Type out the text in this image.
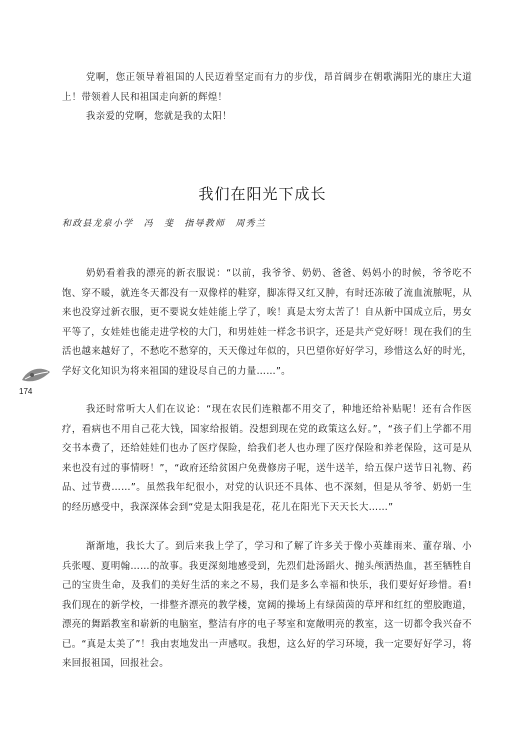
党啊，您正领导着祖国的人民迈着坚定而有力的步伐，昂首阔步在朝歌满阳光的康庄大道上！带领着人民和祖国走向新的辉煌！

我亲爱的党啊，您就是我的太阳！

我们在阳光下成长
和政县龙泉小学　冯　斐　指导教师　周秀兰

奶奶看着我的漂亮的新衣服说：“以前，我爷爷、奶奶、爸爸、妈妈小的时候，爷爷吃不饱、穿不暖，就连冬天都没有一双像样的鞋穿，脚冻得又红又肿，有时还冻破了流血流脓呢，从来也没穿过新衣服，更不要说女娃娃能上学了，唉！真是太穷太苦了！自从新中国成立后，男女平等了，女娃娃也能走进学校的大门，和男娃娃一样念书识字，还是共产党好呀！现在我们的生活也越来越好了，不愁吃不愁穿的，天天像过年似的，只巴望你好好学习，珍惜这么好的时光，学好文化知识为将来祖国的建设尽自己的力量……”。

我还时常听大人们在议论：“现在农民们连粮都不用交了，种地还给补贴呢！还有合作医疗，看病也不用自己花大钱，国家给报销。没想到现在党的政策这么好。”，“孩子们上学都不用交书本费了，还给娃娃们也办了医疗保险，给我们老人也办理了医疗保险和养老保险，这可是从来也没有过的事情呀！”，“政府还给贫困户免费修房子呢，送牛送羊，给五保户送节日礼物、药品、过节费……”。虽然我年纪很小，对党的认识还不具体、也不深刻，但是从爷爷、奶奶一生的经历感受中，我深深体会到“党是太阳我是花，花儿在阳光下天天长大……”

渐渐地，我长大了。到后来我上学了，学习和了解了许多关于像小英雄雨来、董存瑞、小兵张嘎、夏明翰……的故事。我更深刻地感受到，先烈们赴汤蹈火、抛头颅洒热血，甚至牺牲自己的宝贵生命，及我们的美好生活的来之不易，我们是多么幸福和快乐，我们要好好珍惜。看!我们现在的新学校，一排整齐漂亮的教学楼，宽阔的操场上有绿茵茵的草坪和红红的塑胶跑道，漂亮的舞蹈教室和崭新的电脑室，整洁有序的电子琴室和宽敞明亮的教室，这一切都令我兴奋不已。“真是太美了”！我由衷地发出一声感叹。我想，这么好的学习环境，我一定要好好学习，将来回报祖国，回报社会。

174
